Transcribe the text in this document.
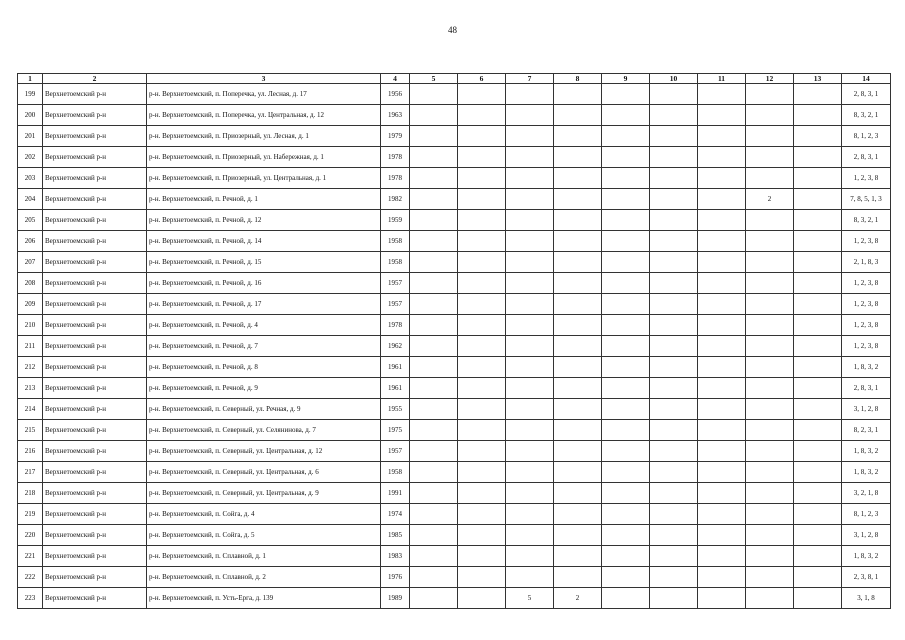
48
1	2	3	4	5	6	7	8	9	10	11	12	13	14
199	Верхнетоемский р-н	р-н. Верхнетоемский, п. Поперечка, ул. Лесная, д. 17	1956										2, 8, 3, 1
200	Верхнетоемский р-н	р-н. Верхнетоемский, п. Поперечка, ул. Центральная, д. 12	1963										8, 3, 2, 1
201	Верхнетоемский р-н	р-н. Верхнетоемский, п. Приозерный, ул. Лесная, д. 1	1979										8, 1, 2, 3
202	Верхнетоемский р-н	р-н. Верхнетоемский, п. Приозерный, ул. Набережная, д. 1	1978										2, 8, 3, 1
203	Верхнетоемский р-н	р-н. Верхнетоемский, п. Приозерный, ул. Центральная, д. 1	1978										1, 2, 3, 8
204	Верхнетоемский р-н	р-н. Верхнетоемский, п. Речной, д. 1	1982								2		7, 8, 5, 1, 3
205	Верхнетоемский р-н	р-н. Верхнетоемский, п. Речной, д. 12	1959										8, 3, 2, 1
206	Верхнетоемский р-н	р-н. Верхнетоемский, п. Речной, д. 14	1958										1, 2, 3, 8
207	Верхнетоемский р-н	р-н. Верхнетоемский, п. Речной, д. 15	1958										2, 1, 8, 3
208	Верхнетоемский р-н	р-н. Верхнетоемский, п. Речной, д. 16	1957										1, 2, 3, 8
209	Верхнетоемский р-н	р-н. Верхнетоемский, п. Речной, д. 17	1957										1, 2, 3, 8
210	Верхнетоемский р-н	р-н. Верхнетоемский, п. Речной, д. 4	1978										1, 2, 3, 8
211	Верхнетоемский р-н	р-н. Верхнетоемский, п. Речной, д. 7	1962										1, 2, 3, 8
212	Верхнетоемский р-н	р-н. Верхнетоемский, п. Речной, д. 8	1961										1, 8, 3, 2
213	Верхнетоемский р-н	р-н. Верхнетоемский, п. Речной, д. 9	1961										2, 8, 3, 1
214	Верхнетоемский р-н	р-н. Верхнетоемский, п. Северный, ул. Речная, д. 9	1955										3, 1, 2, 8
215	Верхнетоемский р-н	р-н. Верхнетоемский, п. Северный, ул. Селянинова, д. 7	1975										8, 2, 3, 1
216	Верхнетоемский р-н	р-н. Верхнетоемский, п. Северный, ул. Центральная, д. 12	1957										1, 8, 3, 2
217	Верхнетоемский р-н	р-н. Верхнетоемский, п. Северный, ул. Центральная, д. 6	1958										1, 8, 3, 2
218	Верхнетоемский р-н	р-н. Верхнетоемский, п. Северный, ул. Центральная, д. 9	1991										3, 2, 1, 8
219	Верхнетоемский р-н	р-н. Верхнетоемский, п. Сойга, д. 4	1974										8, 1, 2, 3
220	Верхнетоемский р-н	р-н. Верхнетоемский, п. Сойга, д. 5	1985										3, 1, 2, 8
221	Верхнетоемский р-н	р-н. Верхнетоемский, п. Сплавной, д. 1	1983										1, 8, 3, 2
222	Верхнетоемский р-н	р-н. Верхнетоемский, п. Сплавной, д. 2	1976										2, 3, 8, 1
223	Верхнетоемский р-н	р-н. Верхнетоемский, п. Усть-Ерга, д. 139	1989			5	2						3, 1, 8
